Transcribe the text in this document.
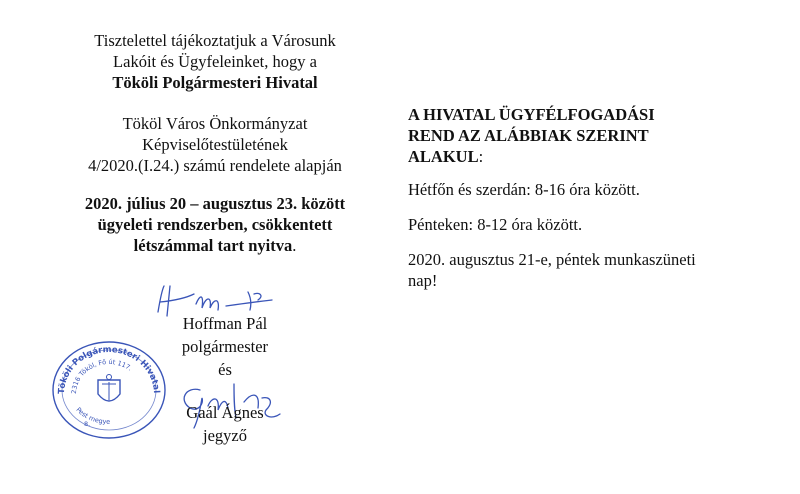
Tisztelettel tájékoztatjuk a Városunk
Lakóit és Ügyfeleinket, hogy a
Tököli Polgármesteri Hivatal

Tököl Város Önkormányzat
Képviselőtestületének
4/2020.(I.24.) számú rendelete alapján

2020. július 20 – augusztus 23. között
ügyeleti rendszerben, csökkentett
létszámmal tart nyitva.

Tököli Polgármesteri Hivatal
2316 Tököl, Fő út 117.
Pest megye
8.
Hoffman Pál
polgármester
és
Gaál Ágnes
jegyző
A HIVATAL ÜGYFÉLFOGADÁSI
REND AZ ALÁBBIAK SZERINT
ALAKUL:

Hétfőn és szerdán: 8-16 óra között.

Pénteken: 8-12 óra között.

2020. augusztus 21-e, péntek munkaszüneti
nap!
